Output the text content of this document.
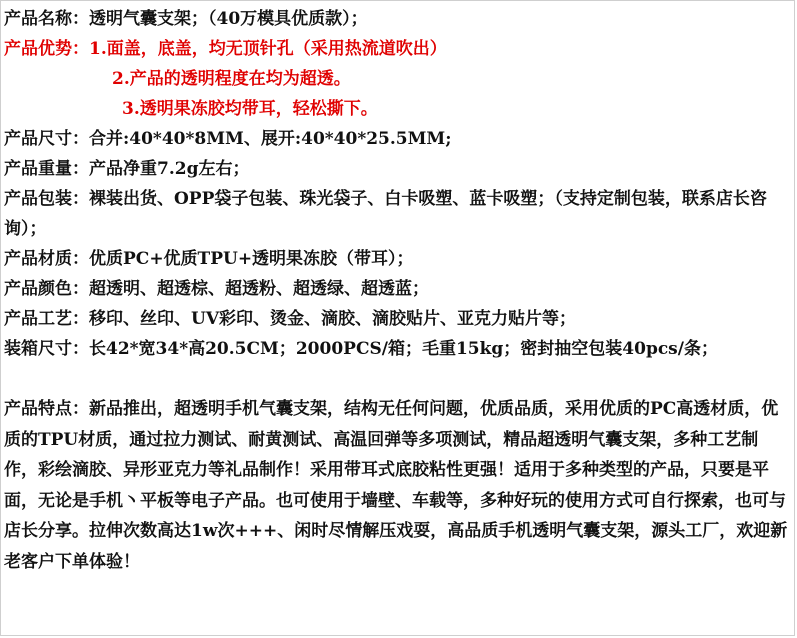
产品名称：透明气囊支架；（40万模具优质款）；
产品优势：1.面盖，底盖，均无顶针孔（采用热流道吹出）
2.产品的透明程度在均为超透。
3.透明果冻胶均带耳，轻松撕下。
产品尺寸：合并:40*40*8MM、展开:40*40*25.5MM;
产品重量：产品净重7.2g左右；
产品包装：裸装出货、OPP袋子包装、珠光袋子、白卡吸塑、蓝卡吸塑；（支持定制包装，联系店长咨询）；
产品材质：优质PC+优质TPU+透明果冻胶（带耳）；
产品颜色：超透明、超透棕、超透粉、超透绿、超透蓝；
产品工艺：移印、丝印、UV彩印、烫金、滴胶、滴胶贴片、亚克力贴片等；
装箱尺寸：长42*宽34*高20.5CM；2000PCS/箱；毛重15kg；密封抽空包装40pcs/条；
产品特点：新品推出，超透明手机气囊支架，结构无任何问题，优质品质，采用优质的PC高透材质，优质的TPU材质，通过拉力测试、耐黄测试、高温回弹等多项测试，精品超透明气囊支架，多种工艺制作，彩绘滴胶、异形亚克力等礼品制作！采用带耳式底胶粘性更强！适用于多种类型的产品，只要是平面，无论是手机丶平板等电子产品。也可使用于墙壁、车载等，多种好玩的使用方式可自行探索，也可与店长分享。拉伸次数高达1w次+++、闲时尽情解压戏耍，高品质手机透明气囊支架，源头工厂，欢迎新老客户下单体验！
